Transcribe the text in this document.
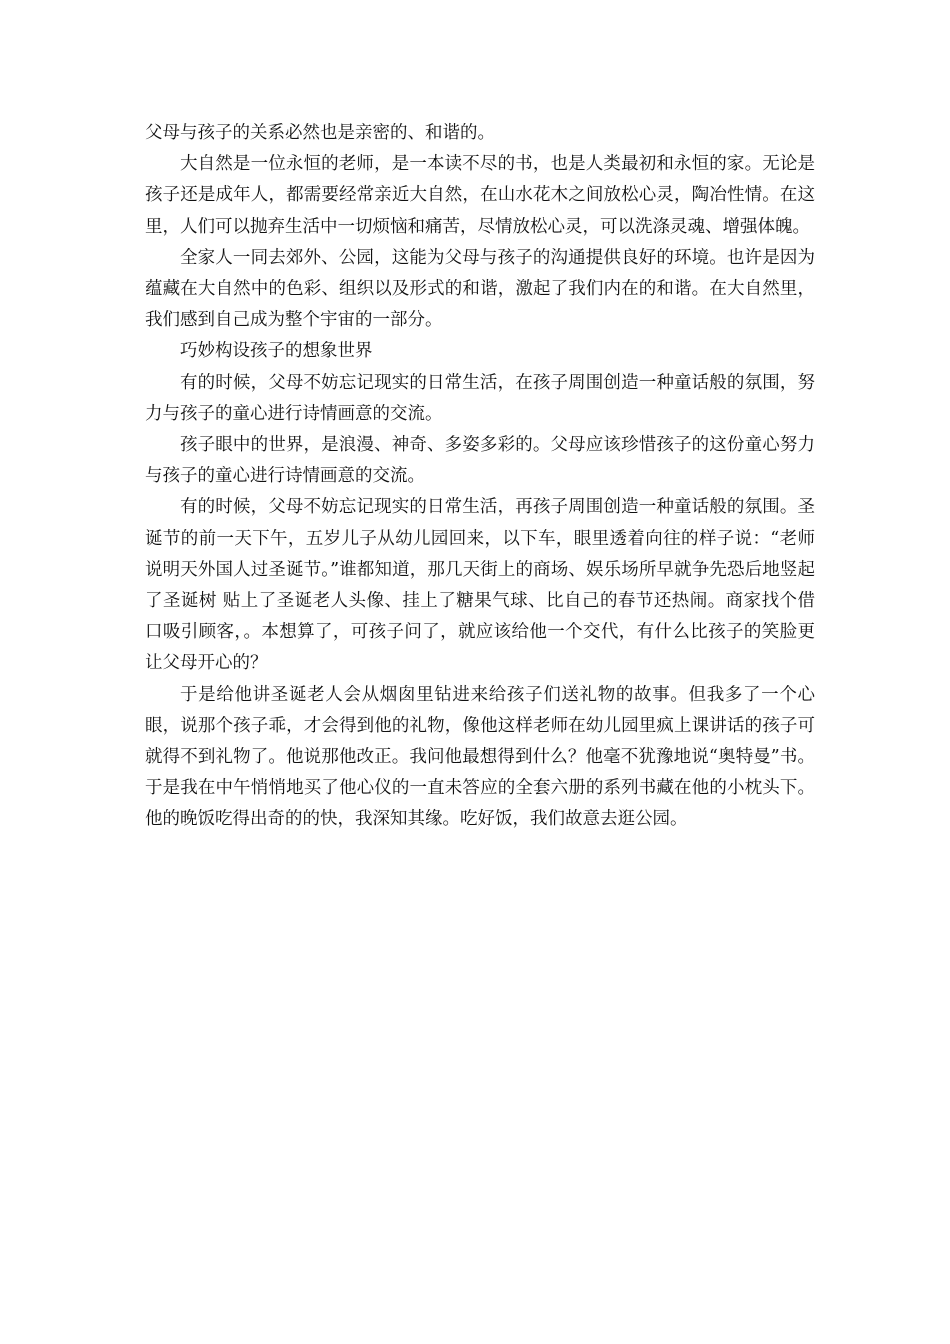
父母与孩子的关系必然也是亲密的、和谐的。

大自然是一位永恒的老师，是一本读不尽的书，也是人类最初和永恒的家。无论是孩子还是成年人，都需要经常亲近大自然，在山水花木之间放松心灵，陶冶性情。在这里，人们可以抛弃生活中一切烦恼和痛苦，尽情放松心灵，可以洗涤灵魂、增强体魄。

全家人一同去郊外、公园，这能为父母与孩子的沟通提供良好的环境。也许是因为蕴藏在大自然中的色彩、组织以及形式的和谐，激起了我们内在的和谐。在大自然里，我们感到自己成为整个宇宙的一部分。

巧妙构设孩子的想象世界

有的时候，父母不妨忘记现实的日常生活，在孩子周围创造一种童话般的氛围，努力与孩子的童心进行诗情画意的交流。

孩子眼中的世界，是浪漫、神奇、多姿多彩的。父母应该珍惜孩子的这份童心努力与孩子的童心进行诗情画意的交流。

有的时候，父母不妨忘记现实的日常生活，再孩子周围创造一种童话般的氛围。圣诞节的前一天下午，五岁儿子从幼儿园回来，以下车，眼里透着向往的样子说：“老师说明天外国人过圣诞节。”谁都知道，那几天街上的商场、娱乐场所早就争先恐后地竖起了圣诞树 贴上了圣诞老人头像、挂上了糖果气球、比自己的春节还热闹。商家找个借口吸引顾客，。本想算了，可孩子问了，就应该给他一个交代，有什么比孩子的笑脸更让父母开心的？

于是给他讲圣诞老人会从烟囱里钻进来给孩子们送礼物的故事。但我多了一个心眼，说那个孩子乖，才会得到他的礼物，像他这样老师在幼儿园里疯上课讲话的孩子可就得不到礼物了。他说那他改正。我问他最想得到什么？他毫不犹豫地说“奥特曼”书。于是我在中午悄悄地买了他心仪的一直未答应的全套六册的系列书藏在他的小枕头下。他的晚饭吃得出奇的的快，我深知其缘。吃好饭，我们故意去逛公园。
